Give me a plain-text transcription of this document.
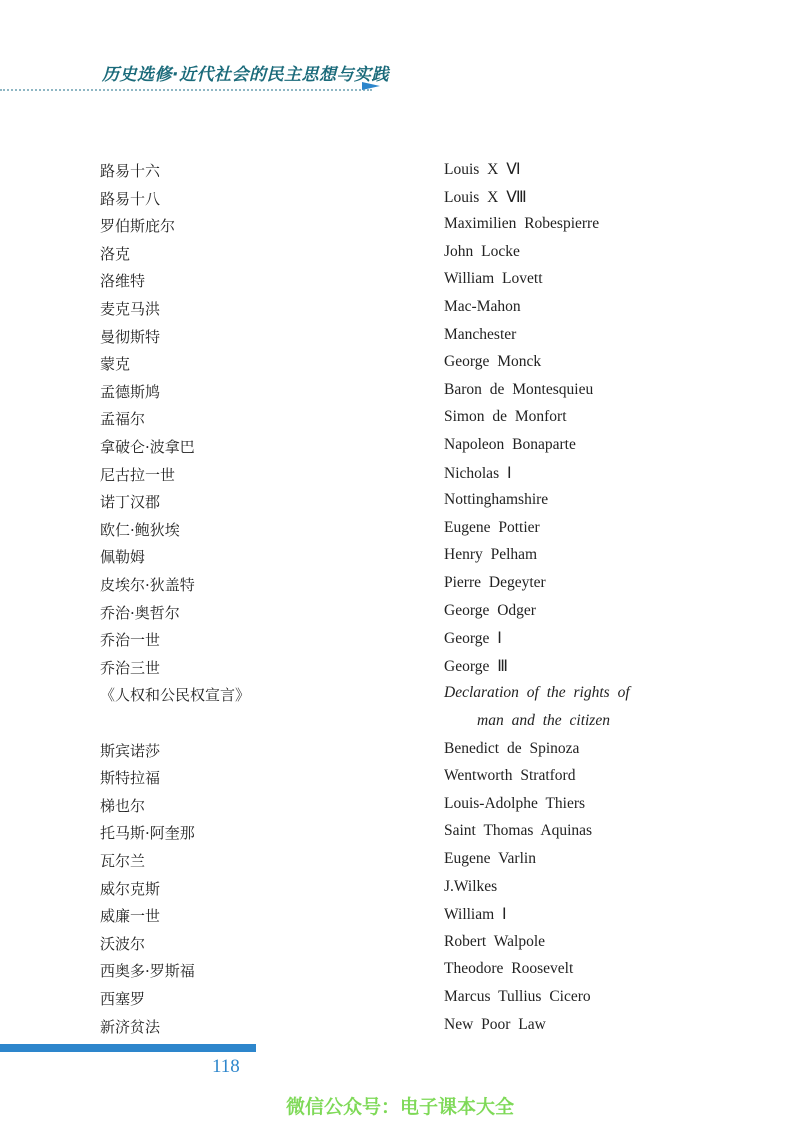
历史选修·近代社会的民主思想与实践
路易十六	Louis X Ⅵ
路易十八	Louis X Ⅷ
罗伯斯庇尔	Maximilien Robespierre
洛克	John Locke
洛维特	William Lovett
麦克马洪	Mac-Mahon
曼彻斯特	Manchester
蒙克	George Monck
孟德斯鸠	Baron de Montesquieu
孟福尔	Simon de Monfort
拿破仑·波拿巴	Napoleon Bonaparte
尼古拉一世	Nicholas Ⅰ
诺丁汉郡	Nottinghamshire
欧仁·鲍狄埃	Eugene Pottier
佩勒姆	Henry Pelham
皮埃尔·狄盖特	Pierre Degeyter
乔治·奥哲尔	George Odger
乔治一世	George Ⅰ
乔治三世	George Ⅲ
《人权和公民权宣言》	Declaration of the rights of
man and the citizen
斯宾诺莎	Benedict de Spinoza
斯特拉福	Wentworth Stratford
梯也尔	Louis-Adolphe Thiers
托马斯·阿奎那	Saint Thomas Aquinas
瓦尔兰	Eugene Varlin
威尔克斯	J.Wilkes
威廉一世	William Ⅰ
沃波尔	Robert Walpole
西奥多·罗斯福	Theodore Roosevelt
西塞罗	Marcus Tullius Cicero
新济贫法	New Poor Law
118
微信公众号：电子课本大全
